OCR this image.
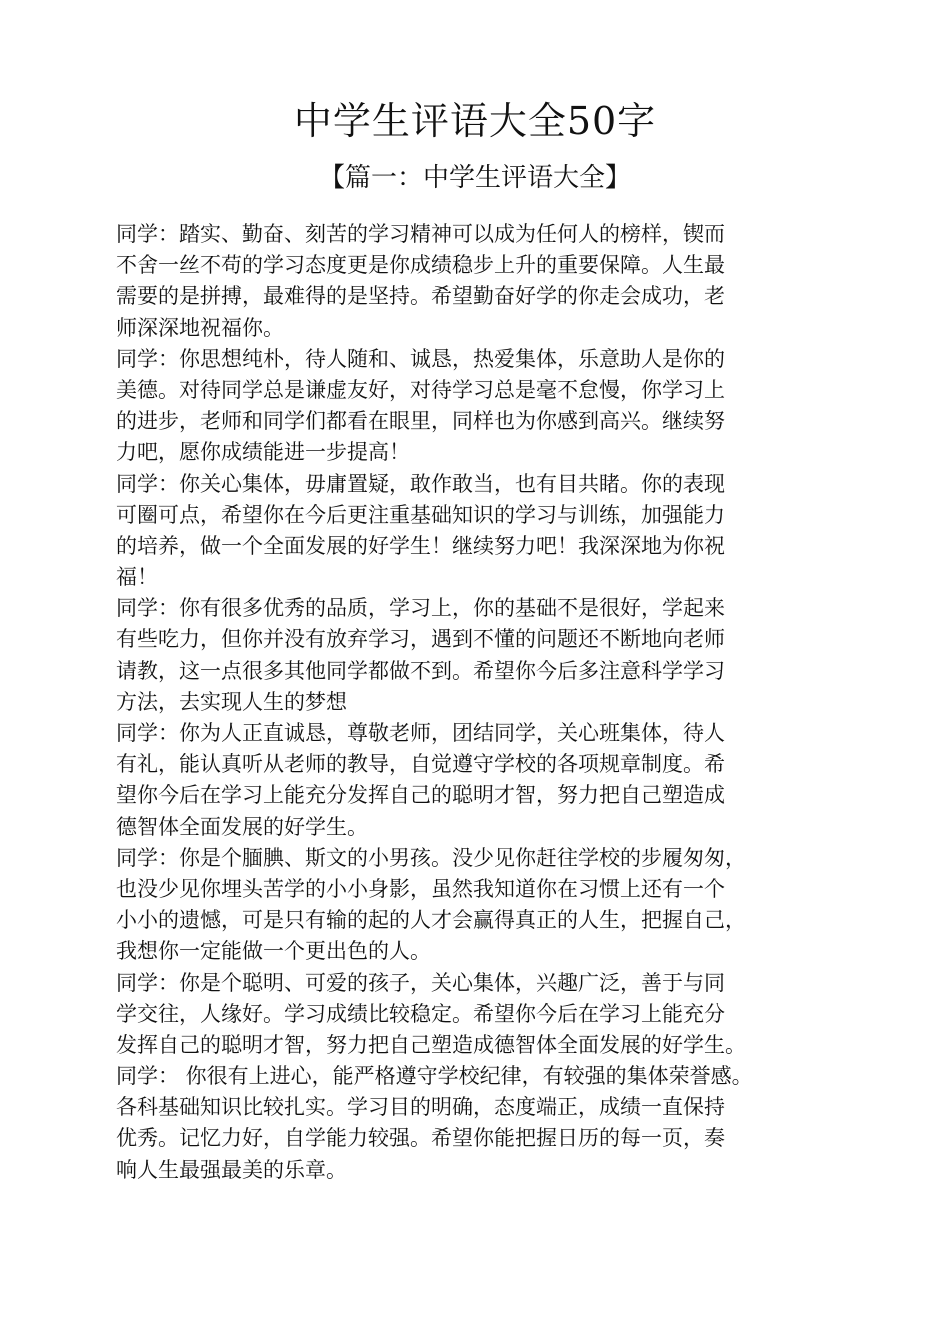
中学生评语大全50字
【篇一：中学生评语大全】
同学：踏实、勤奋、刻苦的学习精神可以成为任何人的榜样，锲而
不舍一丝不苟的学习态度更是你成绩稳步上升的重要保障。人生最
需要的是拼搏，最难得的是坚持。希望勤奋好学的你走会成功，老
师深深地祝福你。
同学：你思想纯朴，待人随和、诚恳，热爱集体，乐意助人是你的
美德。对待同学总是谦虚友好，对待学习总是毫不怠慢，你学习上
的进步，老师和同学们都看在眼里，同样也为你感到高兴。继续努
力吧，愿你成绩能进一步提高！
同学：你关心集体，毋庸置疑，敢作敢当，也有目共睹。你的表现
可圈可点，希望你在今后更注重基础知识的学习与训练，加强能力
的培养，做一个全面发展的好学生！继续努力吧！我深深地为你祝
福！
同学：你有很多优秀的品质，学习上，你的基础不是很好，学起来
有些吃力，但你并没有放弃学习，遇到不懂的问题还不断地向老师
请教，这一点很多其他同学都做不到。希望你今后多注意科学学习
方法，去实现人生的梦想
同学：你为人正直诚恳，尊敬老师，团结同学，关心班集体，待人
有礼，能认真听从老师的教导，自觉遵守学校的各项规章制度。希
望你今后在学习上能充分发挥自己的聪明才智，努力把自己塑造成
德智体全面发展的好学生。
同学：你是个腼腆、斯文的小男孩。没少见你赶往学校的步履匆匆，
也没少见你埋头苦学的小小身影，虽然我知道你在习惯上还有一个
小小的遗憾，可是只有输的起的人才会赢得真正的人生，把握自己，
我想你一定能做一个更出色的人。
同学：你是个聪明、可爱的孩子，关心集体，兴趣广泛，善于与同
学交往，人缘好。学习成绩比较稳定。希望你今后在学习上能充分
发挥自己的聪明才智，努力把自己塑造成德智体全面发展的好学生。
同学： 你很有上进心，能严格遵守学校纪律，有较强的集体荣誉感。
各科基础知识比较扎实。学习目的明确，态度端正，成绩一直保持
优秀。记忆力好，自学能力较强。希望你能把握日历的每一页，奏
响人生最强最美的乐章。
